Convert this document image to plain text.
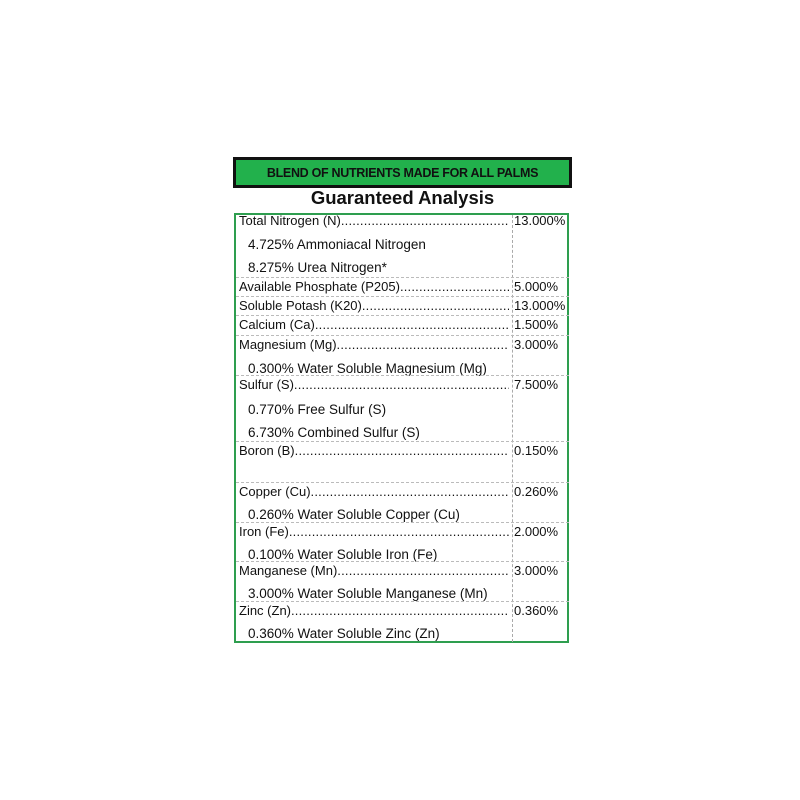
BLEND OF NUTRIENTS MADE FOR ALL PALMS
Guaranteed Analysis
Total Nitrogen (N) .....	13.000%
4.725% Ammoniacal Nitrogen
8.275% Urea Nitrogen*
Available Phosphate (P205) .....	5.000%
Soluble Potash (K20) .....	13.000%
Calcium (Ca) .....	1.500%
Magnesium (Mg) .....	3.000%
0.300% Water Soluble Magnesium (Mg)
Sulfur (S) .....	7.500%
0.770% Free Sulfur (S)
6.730% Combined Sulfur (S)
Boron (B) .....	0.150%
Copper (Cu) .....	0.260%
0.260% Water Soluble Copper (Cu)
Iron (Fe) .....	2.000%
0.100% Water Soluble Iron (Fe)
Manganese (Mn) .....	3.000%
3.000% Water Soluble Manganese (Mn)
Zinc (Zn) .....	0.360%
0.360% Water Soluble Zinc (Zn)
